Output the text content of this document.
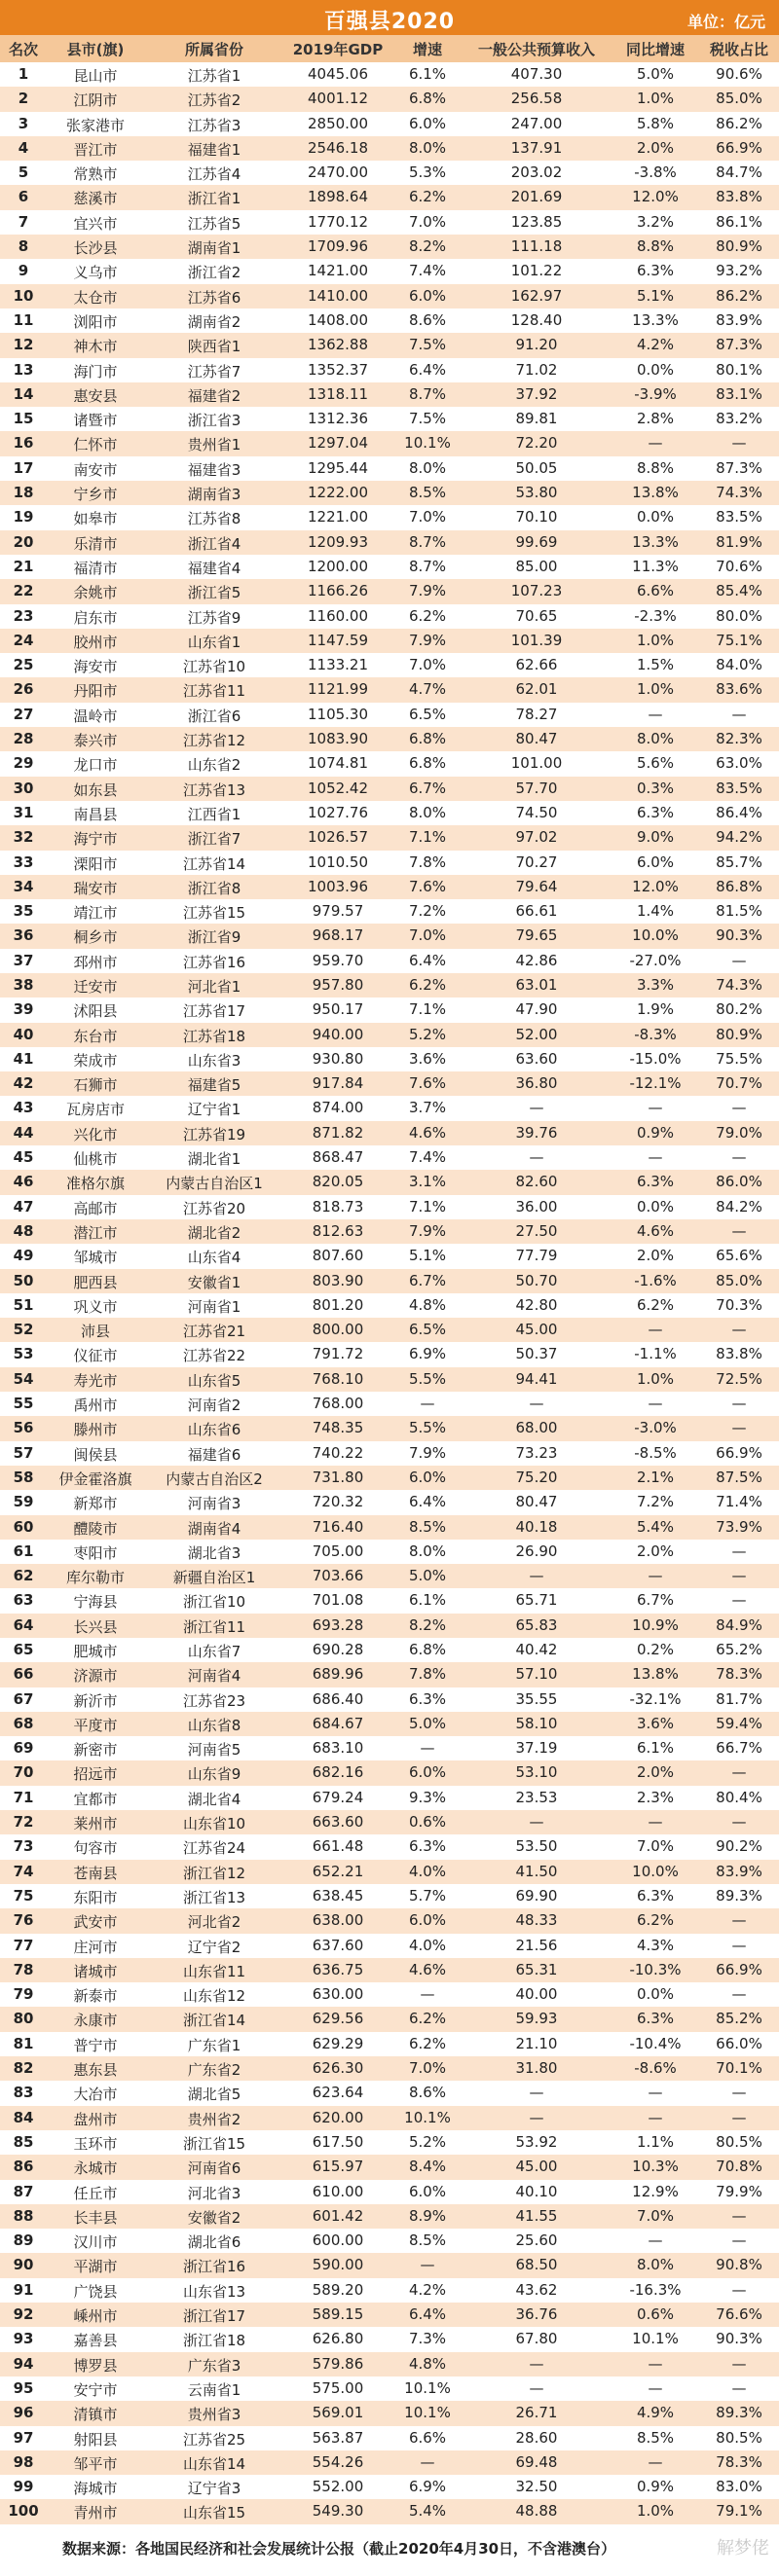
百强县2020	单位：亿元
名次	县市(旗)	所属省份	2019年GDP	增速	一般公共预算收入	同比增速	税收占比
1	昆山市	江苏省1	4045.06	6.1%	407.30	5.0%	90.6%
2	江阴市	江苏省2	4001.12	6.8%	256.58	1.0%	85.0%
3	张家港市	江苏省3	2850.00	6.0%	247.00	5.8%	86.2%
4	晋江市	福建省1	2546.18	8.0%	137.91	2.0%	66.9%
5	常熟市	江苏省4	2470.00	5.3%	203.02	-3.8%	84.7%
6	慈溪市	浙江省1	1898.64	6.2%	201.69	12.0%	83.8%
7	宜兴市	江苏省5	1770.12	7.0%	123.85	3.2%	86.1%
8	长沙县	湖南省1	1709.96	8.2%	111.18	8.8%	80.9%
9	义乌市	浙江省2	1421.00	7.4%	101.22	6.3%	93.2%
10	太仓市	江苏省6	1410.00	6.0%	162.97	5.1%	86.2%
11	浏阳市	湖南省2	1408.00	8.6%	128.40	13.3%	83.9%
12	神木市	陕西省1	1362.88	7.5%	91.20	4.2%	87.3%
13	海门市	江苏省7	1352.37	6.4%	71.02	0.0%	80.1%
14	惠安县	福建省2	1318.11	8.7%	37.92	-3.9%	83.1%
15	诸暨市	浙江省3	1312.36	7.5%	89.81	2.8%	83.2%
16	仁怀市	贵州省1	1297.04	10.1%	72.20	—	—
17	南安市	福建省3	1295.44	8.0%	50.05	8.8%	87.3%
18	宁乡市	湖南省3	1222.00	8.5%	53.80	13.8%	74.3%
19	如皋市	江苏省8	1221.00	7.0%	70.10	0.0%	83.5%
20	乐清市	浙江省4	1209.93	8.7%	99.69	13.3%	81.9%
21	福清市	福建省4	1200.00	8.7%	85.00	11.3%	70.6%
22	余姚市	浙江省5	1166.26	7.9%	107.23	6.6%	85.4%
23	启东市	江苏省9	1160.00	6.2%	70.65	-2.3%	80.0%
24	胶州市	山东省1	1147.59	7.9%	101.39	1.0%	75.1%
25	海安市	江苏省10	1133.21	7.0%	62.66	1.5%	84.0%
26	丹阳市	江苏省11	1121.99	4.7%	62.01	1.0%	83.6%
27	温岭市	浙江省6	1105.30	6.5%	78.27	—	—
28	泰兴市	江苏省12	1083.90	6.8%	80.47	8.0%	82.3%
29	龙口市	山东省2	1074.81	6.8%	101.00	5.6%	63.0%
30	如东县	江苏省13	1052.42	6.7%	57.70	0.3%	83.5%
31	南昌县	江西省1	1027.76	8.0%	74.50	6.3%	86.4%
32	海宁市	浙江省7	1026.57	7.1%	97.02	9.0%	94.2%
33	溧阳市	江苏省14	1010.50	7.8%	70.27	6.0%	85.7%
34	瑞安市	浙江省8	1003.96	7.6%	79.64	12.0%	86.8%
35	靖江市	江苏省15	979.57	7.2%	66.61	1.4%	81.5%
36	桐乡市	浙江省9	968.17	7.0%	79.65	10.0%	90.3%
37	邳州市	江苏省16	959.70	6.4%	42.86	-27.0%	—
38	迁安市	河北省1	957.80	6.2%	63.01	3.3%	74.3%
39	沭阳县	江苏省17	950.17	7.1%	47.90	1.9%	80.2%
40	东台市	江苏省18	940.00	5.2%	52.00	-8.3%	80.9%
41	荣成市	山东省3	930.80	3.6%	63.60	-15.0%	75.5%
42	石狮市	福建省5	917.84	7.6%	36.80	-12.1%	70.7%
43	瓦房店市	辽宁省1	874.00	3.7%	—	—	—
44	兴化市	江苏省19	871.82	4.6%	39.76	0.9%	79.0%
45	仙桃市	湖北省1	868.47	7.4%	—	—	—
46	准格尔旗	内蒙古自治区1	820.05	3.1%	82.60	6.3%	86.0%
47	高邮市	江苏省20	818.73	7.1%	36.00	0.0%	84.2%
48	潜江市	湖北省2	812.63	7.9%	27.50	4.6%	—
49	邹城市	山东省4	807.60	5.1%	77.79	2.0%	65.6%
50	肥西县	安徽省1	803.90	6.7%	50.70	-1.6%	85.0%
51	巩义市	河南省1	801.20	4.8%	42.80	6.2%	70.3%
52	沛县	江苏省21	800.00	6.5%	45.00	—	—
53	仪征市	江苏省22	791.72	6.9%	50.37	-1.1%	83.8%
54	寿光市	山东省5	768.10	5.5%	94.41	1.0%	72.5%
55	禹州市	河南省2	768.00	—	—	—	—
56	滕州市	山东省6	748.35	5.5%	68.00	-3.0%	—
57	闽侯县	福建省6	740.22	7.9%	73.23	-8.5%	66.9%
58	伊金霍洛旗	内蒙古自治区2	731.80	6.0%	75.20	2.1%	87.5%
59	新郑市	河南省3	720.32	6.4%	80.47	7.2%	71.4%
60	醴陵市	湖南省4	716.40	8.5%	40.18	5.4%	73.9%
61	枣阳市	湖北省3	705.00	8.0%	26.90	2.0%	—
62	库尔勒市	新疆自治区1	703.66	5.0%	—	—	—
63	宁海县	浙江省10	701.08	6.1%	65.71	6.7%	—
64	长兴县	浙江省11	693.28	8.2%	65.83	10.9%	84.9%
65	肥城市	山东省7	690.28	6.8%	40.42	0.2%	65.2%
66	济源市	河南省4	689.96	7.8%	57.10	13.8%	78.3%
67	新沂市	江苏省23	686.40	6.3%	35.55	-32.1%	81.7%
68	平度市	山东省8	684.67	5.0%	58.10	3.6%	59.4%
69	新密市	河南省5	683.10	—	37.19	6.1%	66.7%
70	招远市	山东省9	682.16	6.0%	53.10	2.0%	—
71	宜都市	湖北省4	679.24	9.3%	23.53	2.3%	80.4%
72	莱州市	山东省10	663.60	0.6%	—	—	—
73	句容市	江苏省24	661.48	6.3%	53.50	7.0%	90.2%
74	苍南县	浙江省12	652.21	4.0%	41.50	10.0%	83.9%
75	东阳市	浙江省13	638.45	5.7%	69.90	6.3%	89.3%
76	武安市	河北省2	638.00	6.0%	48.33	6.2%	—
77	庄河市	辽宁省2	637.60	4.0%	21.56	4.3%	—
78	诸城市	山东省11	636.75	4.6%	65.31	-10.3%	66.9%
79	新泰市	山东省12	630.00	—	40.00	0.0%	—
80	永康市	浙江省14	629.56	6.2%	59.93	6.3%	85.2%
81	普宁市	广东省1	629.29	6.2%	21.10	-10.4%	66.0%
82	惠东县	广东省2	626.30	7.0%	31.80	-8.6%	70.1%
83	大冶市	湖北省5	623.64	8.6%	—	—	—
84	盘州市	贵州省2	620.00	10.1%	—	—	—
85	玉环市	浙江省15	617.50	5.2%	53.92	1.1%	80.5%
86	永城市	河南省6	615.97	8.4%	45.00	10.3%	70.8%
87	任丘市	河北省3	610.00	6.0%	40.10	12.9%	79.9%
88	长丰县	安徽省2	601.42	8.9%	41.55	7.0%	—
89	汉川市	湖北省6	600.00	8.5%	25.60	—	—
90	平湖市	浙江省16	590.00	—	68.50	8.0%	90.8%
91	广饶县	山东省13	589.20	4.2%	43.62	-16.3%	—
92	嵊州市	浙江省17	589.15	6.4%	36.76	0.6%	76.6%
93	嘉善县	浙江省18	626.80	7.3%	67.80	10.1%	90.3%
94	博罗县	广东省3	579.86	4.8%	—	—	—
95	安宁市	云南省1	575.00	10.1%	—	—	—
96	清镇市	贵州省3	569.01	10.1%	26.71	4.9%	89.3%
97	射阳县	江苏省25	563.87	6.6%	28.60	8.5%	80.5%
98	邹平市	山东省14	554.26	—	69.48	—	78.3%
99	海城市	辽宁省3	552.00	6.9%	32.50	0.9%	83.0%
100	青州市	山东省15	549.30	5.4%	48.88	1.0%	79.1%
数据来源：各地国民经济和社会发展统计公报（截止2020年4月30日，不含港澳台）	解梦佬
